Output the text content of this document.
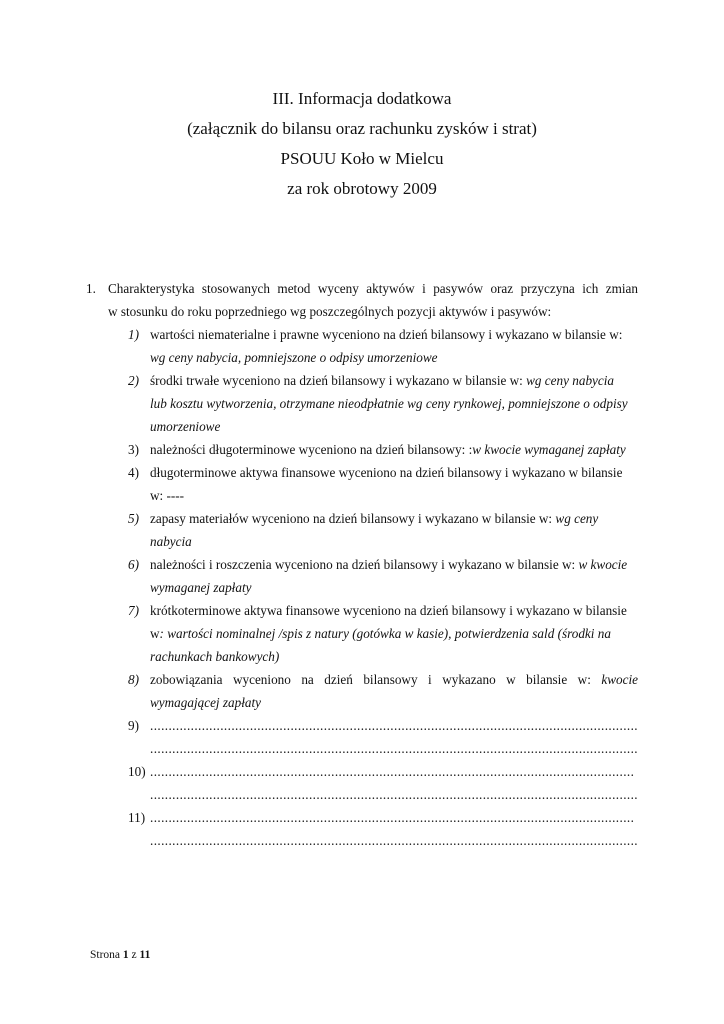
III. Informacja dodatkowa
(załącznik do bilansu oraz rachunku zysków i strat)
PSOUU Koło w Mielcu
za rok obrotowy 2009
1. Charakterystyka stosowanych metod wyceny aktywów i pasywów oraz przyczyna ich zmian
w stosunku do roku poprzedniego wg poszczególnych pozycji aktywów i pasywów:
1) wartości niematerialne i prawne wyceniono na dzień bilansowy i wykazano w bilansie w:
wg ceny nabycia, pomniejszone o odpisy umorzeniowe
2) środki trwałe wyceniono na dzień bilansowy i wykazano w bilansie w: wg ceny nabycia
lub kosztu wytworzenia, otrzymane nieodpłatnie wg ceny rynkowej, pomniejszone o odpisy
umorzeniowe
3) należności długoterminowe wyceniono na dzień bilansowy: :w kwocie wymaganej zapłaty
4) długoterminowe aktywa finansowe wyceniono na dzień bilansowy i wykazano w bilansie
w: ----
5) zapasy materiałów wyceniono na dzień bilansowy i wykazano w bilansie w: wg ceny
nabycia
6) należności i roszczenia wyceniono na dzień bilansowy i wykazano w bilansie w: w kwocie
wymaganej zapłaty
7) krótkoterminowe aktywa finansowe wyceniono na dzień bilansowy i wykazano w bilansie
w: wartości nominalnej /spis z natury (gotówka w kasie), potwierdzenia sald (środki na
rachunkach bankowych)
8) zobowiązania wyceniono na dzień bilansowy i wykazano w bilansie w: kwocie
wymagającej zapłaty
9) ....................................................................................................................................
....................................................................................................................................
10) ...................................................................................................................................
....................................................................................................................................
11) ...................................................................................................................................
....................................................................................................................................
Strona 1 z 11
